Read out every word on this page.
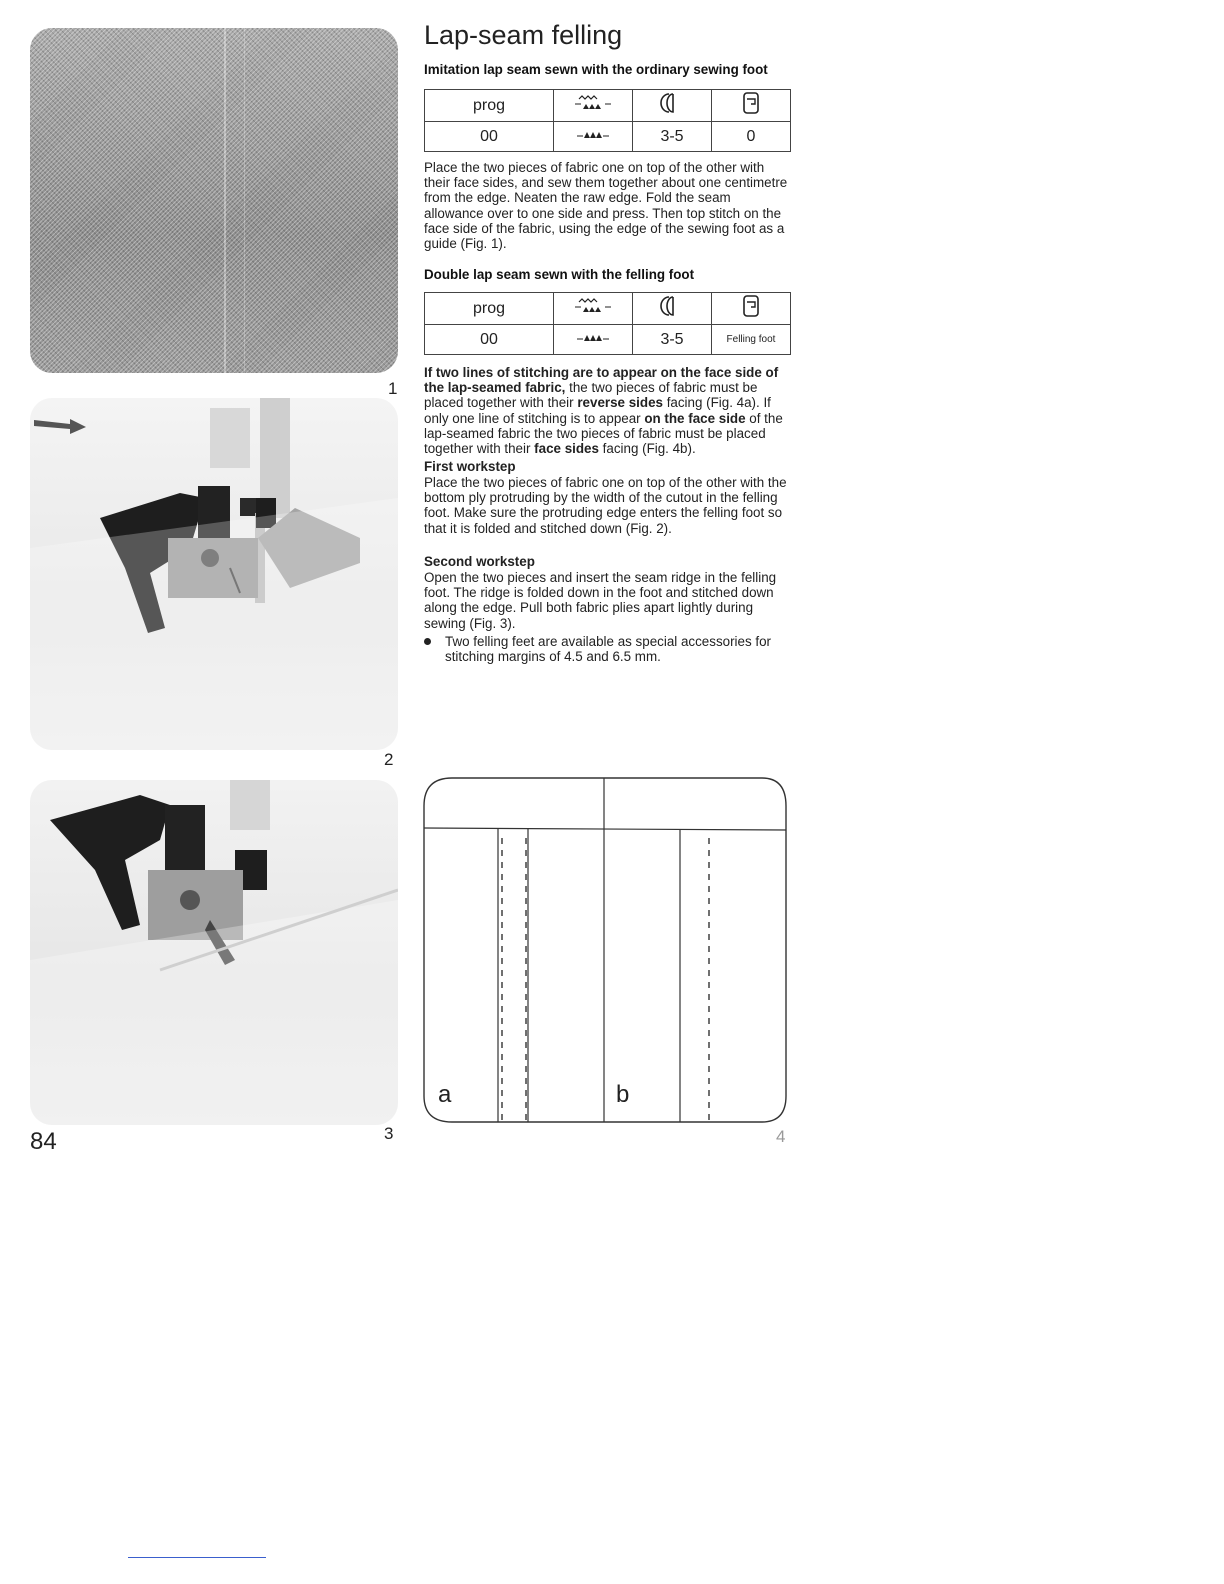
1
2
3
84
Lap-seam felling
Imitation lap seam sewn with the ordinary sewing foot
prog			
00		3-5	0
Place the two pieces of fabric one on top of the other with their face sides, and sew them together about one centimetre from the edge. Neaten the raw edge. Fold the seam allowance over to one side and press. Then top stitch on the face side of the fabric, using the edge of the sewing foot as a guide (Fig. 1).
Double lap seam sewn with the felling foot
prog			
00		3-5	Felling foot
If two lines of stitching are to appear on the face side of the lap-seamed fabric, the two pieces of fabric must be placed together with their reverse sides facing (Fig. 4a). If only one line of stitching is to appear on the face side of the lap-seamed fabric the two pieces of fabric must be placed together with their face sides facing (Fig. 4b).
First workstep
Place the two pieces of fabric one on top of the other with the bottom ply protruding by the width of the cutout in the felling foot. Make sure the protruding edge enters the felling foot so that it is folded and stitched down (Fig. 2).
Second workstep
Open the two pieces and insert the seam ridge in the felling foot. The ridge is folded down in the foot and stitched down along the edge. Pull both fabric plies apart lightly during sewing (Fig. 3).
Two felling feet are available as special accessories for stitching margins of 4.5 and 6.5 mm.
a	b
4
